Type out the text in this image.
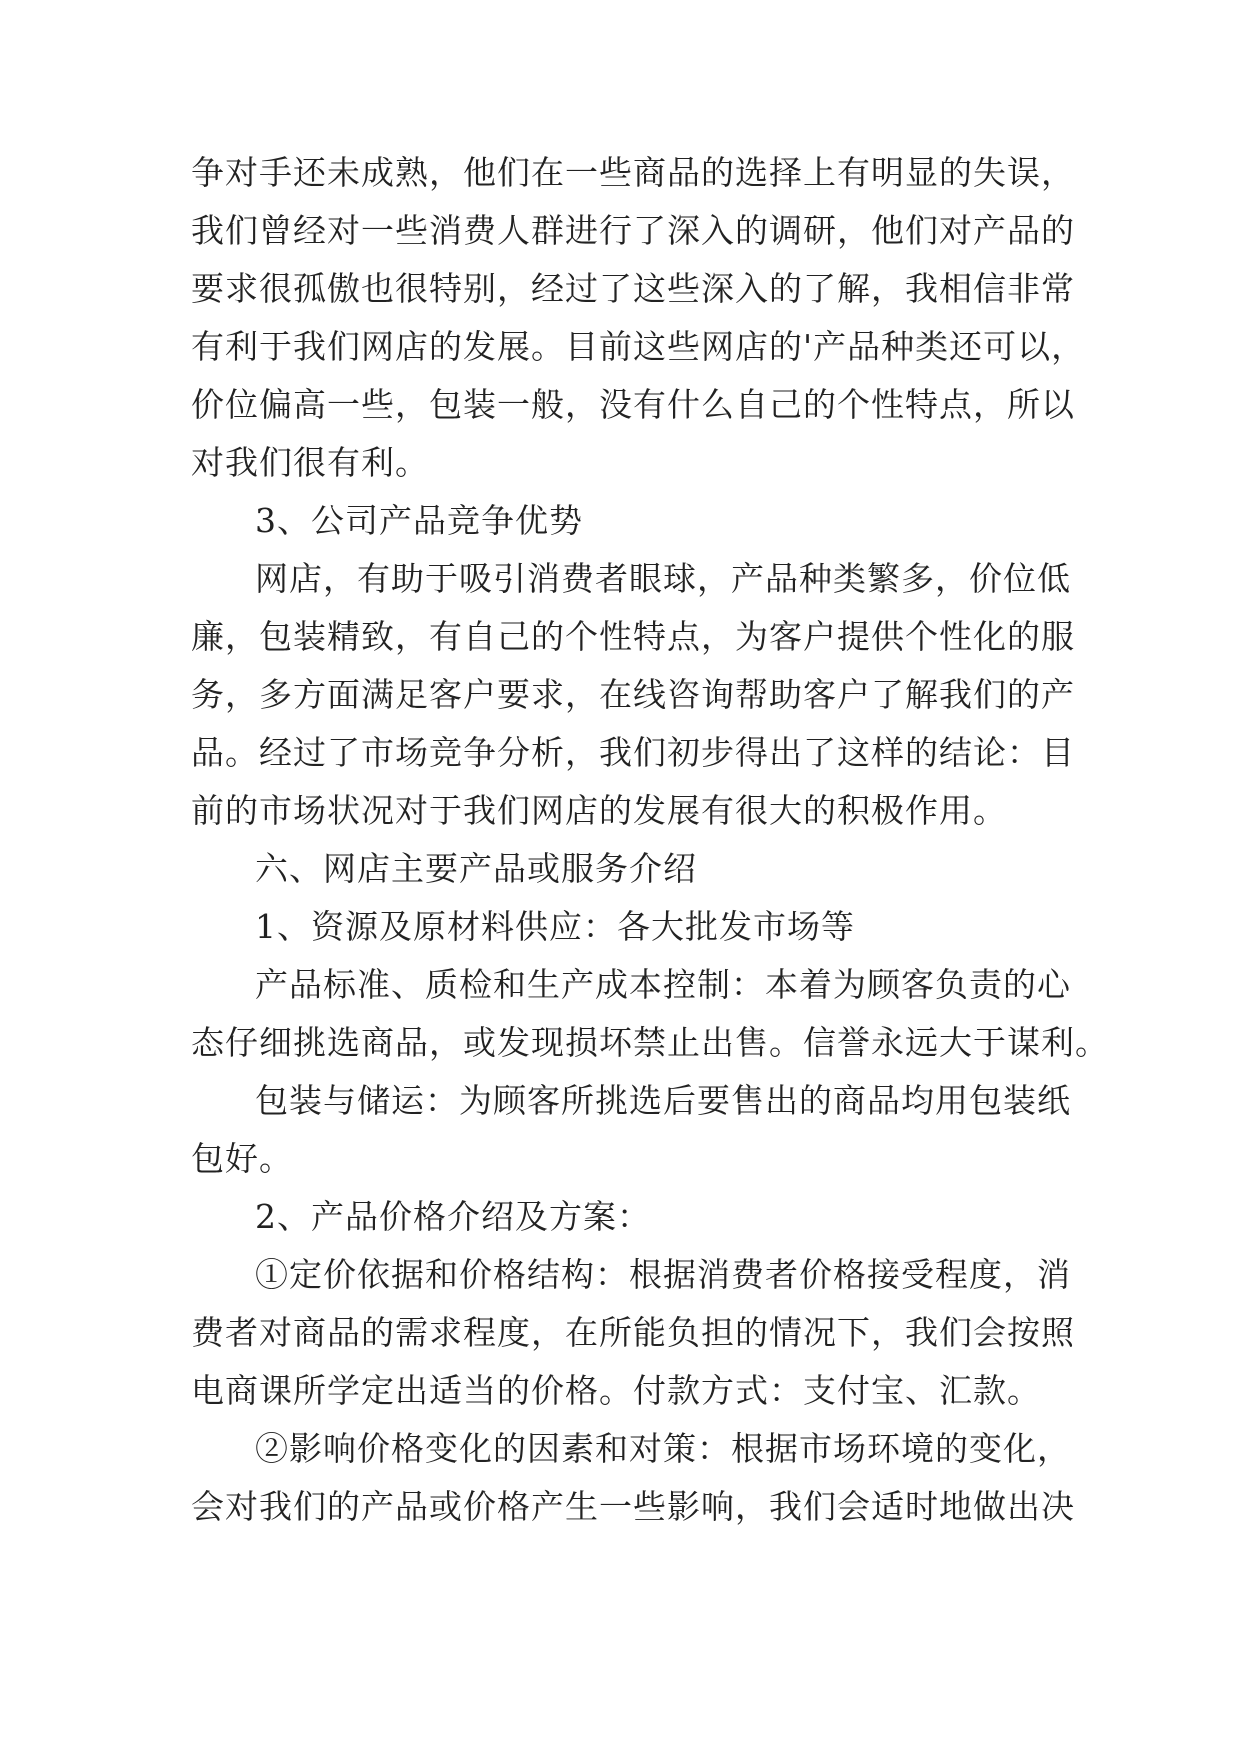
争对手还未成熟，他们在一些商品的选择上有明显的失误，

我们曾经对一些消费人群进行了深入的调研，他们对产品的

要求很孤傲也很特别，经过了这些深入的了解，我相信非常

有利于我们网店的发展。目前这些网店的'产品种类还可以，

价位偏高一些，包装一般，没有什么自己的个性特点，所以

对我们很有利。

3、公司产品竞争优势

网店，有助于吸引消费者眼球，产品种类繁多，价位低

廉，包装精致，有自己的个性特点，为客户提供个性化的服

务，多方面满足客户要求，在线咨询帮助客户了解我们的产

品。经过了市场竞争分析，我们初步得出了这样的结论：目

前的市场状况对于我们网店的发展有很大的积极作用。

六、网店主要产品或服务介绍

1、资源及原材料供应：各大批发市场等

产品标准、质检和生产成本控制：本着为顾客负责的心

态仔细挑选商品，或发现损坏禁止出售。信誉永远大于谋利。

包装与储运：为顾客所挑选后要售出的商品均用包装纸

包好。

2、产品价格介绍及方案：

①定价依据和价格结构：根据消费者价格接受程度，消

费者对商品的需求程度，在所能负担的情况下，我们会按照

电商课所学定出适当的价格。付款方式：支付宝、汇款。

②影响价格变化的因素和对策：根据市场环境的变化，

会对我们的产品或价格产生一些影响，我们会适时地做出决
